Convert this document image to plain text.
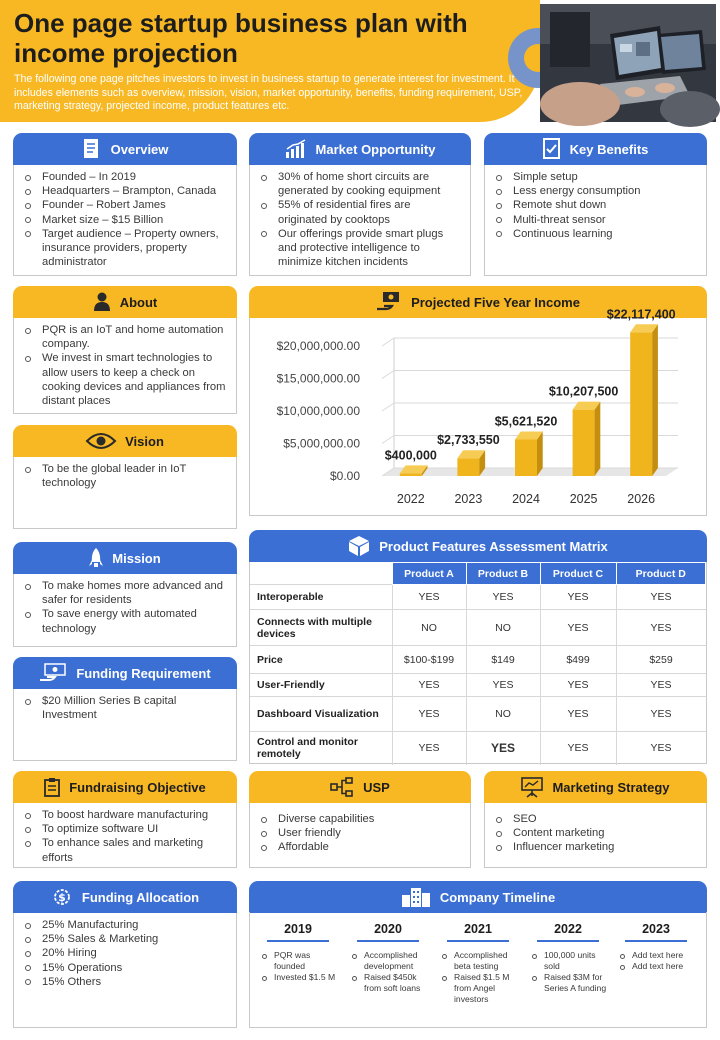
One page startup business plan with income projection
The following one page pitches investors to invest in business startup to generate interest for investment. It includes elements such as overview, mission, vision, market opportunity, benefits, funding requirement, USP, marketing strategy, projected income, product features etc.
Overview
Founded – In 2019
Headquarters – Brampton, Canada
Founder – Robert James
Market size – $15 Billion
Target audience – Property owners, insurance providers, property administrator
Market Opportunity
30% of home short circuits are generated by cooking equipment
55% of residential fires are originated by cooktops
Our offerings provide smart plugs and protective intelligence to minimize kitchen incidents
Key Benefits
Simple setup
Less energy consumption
Remote shut down
Multi-threat sensor
Continuous learning
About
PQR is an IoT and home automation company.
We invest in smart technologies to allow users to keep a check on cooking devices and appliances from distant places
Vision
To be the global leader in IoT technology
Mission
To make homes more advanced and safer for residents
To save energy with automated technology
Funding Requirement
$20 Million Series B capital Investment
Fundraising Objective
To boost hardware manufacturing
To optimize software UI
To enhance sales and marketing efforts
USP
Diverse capabilities
User friendly
Affordable
Marketing Strategy
SEO
Content marketing
Influencer marketing
$ Funding Allocation
25% Manufacturing
25% Sales & Marketing
20% Hiring
15% Operations
15% Others
Projected Five Year Income
$0.00
$5,000,000.00
$10,000,000.00
$15,000,000.00
$20,000,000.00
$400,000
2022
$2,733,550
2023
$5,621,520
2024
$10,207,500
2025
$22,117,400
2026
Product Features Assessment Matrix
	Product A	Product B	Product C	Product D
Interoperable	YES	YES	YES	YES
Connects with multiple devices	NO	NO	YES	YES
Price	$100-$199	$149	$499	$259
User-Friendly	YES	YES	YES	YES
Dashboard Visualization	YES	NO	YES	YES
Control and monitor remotely	YES	YES	YES	YES
Company Timeline
2019
PQR was founded
Invested $1.5 M
2020
Accomplished development
Raised $450k from soft loans
2021
Accomplished beta testing
Raised $1.5 M from Angel investors
2022
100,000 units sold
Raised $3M for Series A funding
2023
Add text here
Add text here
